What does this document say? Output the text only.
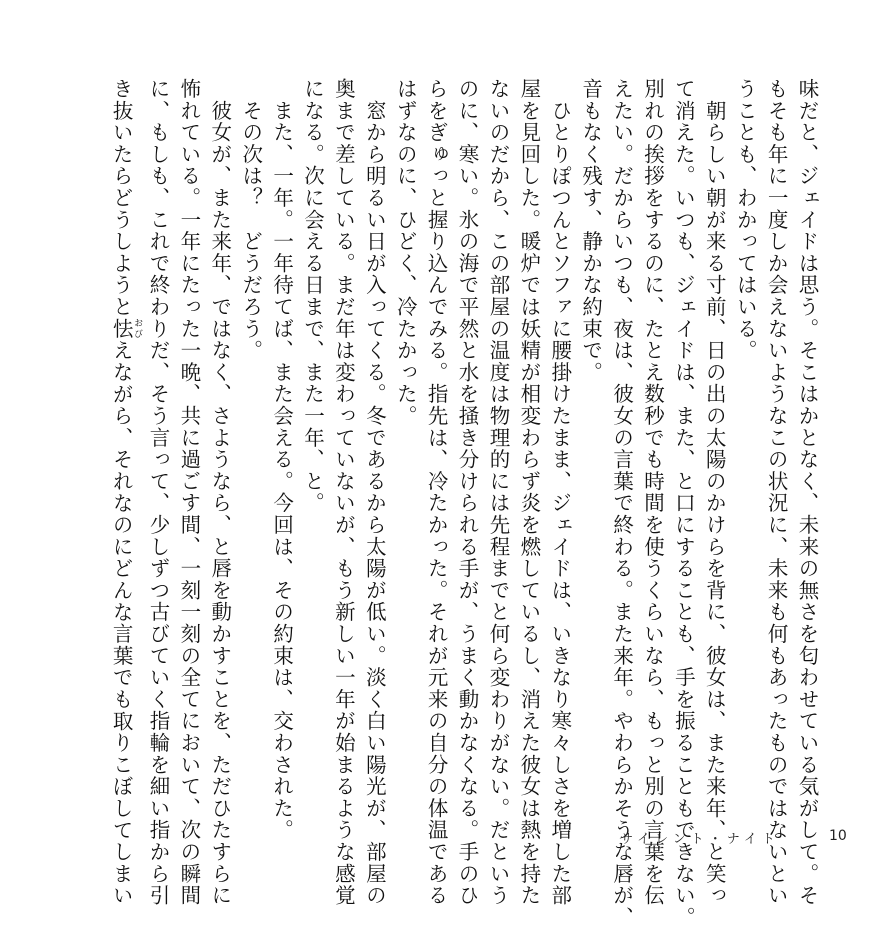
味だと、ジェイドは思う。そこはかとなく、未来の無さを匂わせている気がして。そ
もそも年に一度しか会えないようなこの状況に、未来も何もあったものではないとい
うことも、わかってはいる。
　朝らしい朝が来る寸前、日の出の太陽のかけらを背に、彼女は、また来年、と笑っ
て消えた。いつも、ジェイドは、また、と口にすることも、手を振ることもできない。
別れの挨拶をするのに、たとえ数秒でも時間を使うくらいなら、もっと別の言葉を伝
えたい。だからいつも、夜は、彼女の言葉で終わる。また来年。やわらかそうな唇が、
音もなく残す、静かな約束で。
　ひとりぽつんとソファに腰掛けたまま、ジェイドは、いきなり寒々しさを増した部
屋を見回した。暖炉では妖精が相変わらず炎を燃しているし、消えた彼女は熱を持た
ないのだから、この部屋の温度は物理的には先程までと何ら変わりがない。だという
のに、寒い。氷の海で平然と水を掻き分けられる手が、うまく動かなくなる。手のひ
らをぎゅっと握り込んでみる。指先は、冷たかった。それが元来の自分の体温である
はずなのに、ひどく、冷たかった。
　窓から明るい日が入ってくる。冬であるから太陽が低い。淡く白い陽光が、部屋の
奥まで差している。まだ年は変わっていないが、もう新しい一年が始まるような感覚
になる。次に会える日まで、また一年、と。
　また、一年。一年待てば、また会える。今回は、その約束は、交わされた。
　その次は？　どうだろう。
　彼女が、また来年、ではなく、さようなら、と唇を動かすことを、ただひたすらに
怖れている。一年にたった一晩、共に過ごす間、一刻一刻の全てにおいて、次の瞬間
に、もしも、これで終わりだ、そう言って、少しずつ古びていく指輪を細い指から引
き抜いたらどうしようと怯 おびえながら、それなのにどんな言葉でも取りこぼしてしまい	サイレント・ナイト	10
